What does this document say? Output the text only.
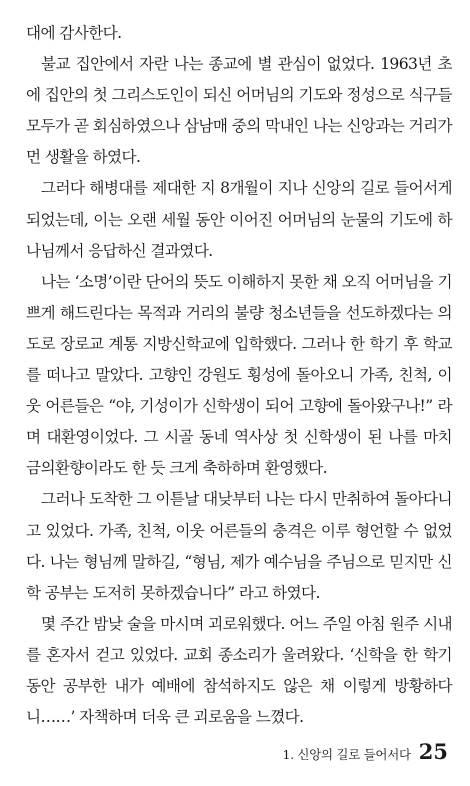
대에 감사한다.

불교 집안에서 자란 나는 종교에 별 관심이 없었다. 1963년 초에 집안의 첫 그리스도인이 되신 어머님의 기도와 정성으로 식구들 모두가 곧 회심하였으나 삼남매 중의 막내인 나는 신앙과는 거리가 먼 생활을 하였다.

그러다 해병대를 제대한 지 8개월이 지나 신앙의 길로 들어서게 되었는데, 이는 오랜 세월 동안 이어진 어머님의 눈물의 기도에 하나님께서 응답하신 결과였다.

나는 ‘소명’이란 단어의 뜻도 이해하지 못한 채 오직 어머님을 기쁘게 해드린다는 목적과 거리의 불량 청소년들을 선도하겠다는 의도로 장로교 계통 지방신학교에 입학했다. 그러나 한 학기 후 학교를 떠나고 말았다. 고향인 강원도 횡성에 돌아오니 가족, 친척, 이웃 어른들은 “야, 기성이가 신학생이 되어 고향에 돌아왔구나!” 라며 대환영이었다. 그 시골 동네 역사상 첫 신학생이 된 나를 마치 금의환향이라도 한 듯 크게 축하하며 환영했다.

그러나 도착한 그 이튿날 대낮부터 나는 다시 만취하여 돌아다니고 있었다. 가족, 친척, 이웃 어른들의 충격은 이루 형언할 수 없었다. 나는 형님께 말하길, “형님, 제가 예수님을 주님으로 믿지만 신학 공부는 도저히 못하겠습니다” 라고 하였다.

몇 주간 밤낮 술을 마시며 괴로워했다. 어느 주일 아침 원주 시내를 혼자서 걷고 있었다. 교회 종소리가 울려왔다. ‘신학을 한 학기 동안 공부한 내가 예배에 참석하지도 않은 채 이렇게 방황하다니……’ 자책하며 더욱 큰 괴로움을 느꼈다.

1. 신앙의 길로 들어서다 25
